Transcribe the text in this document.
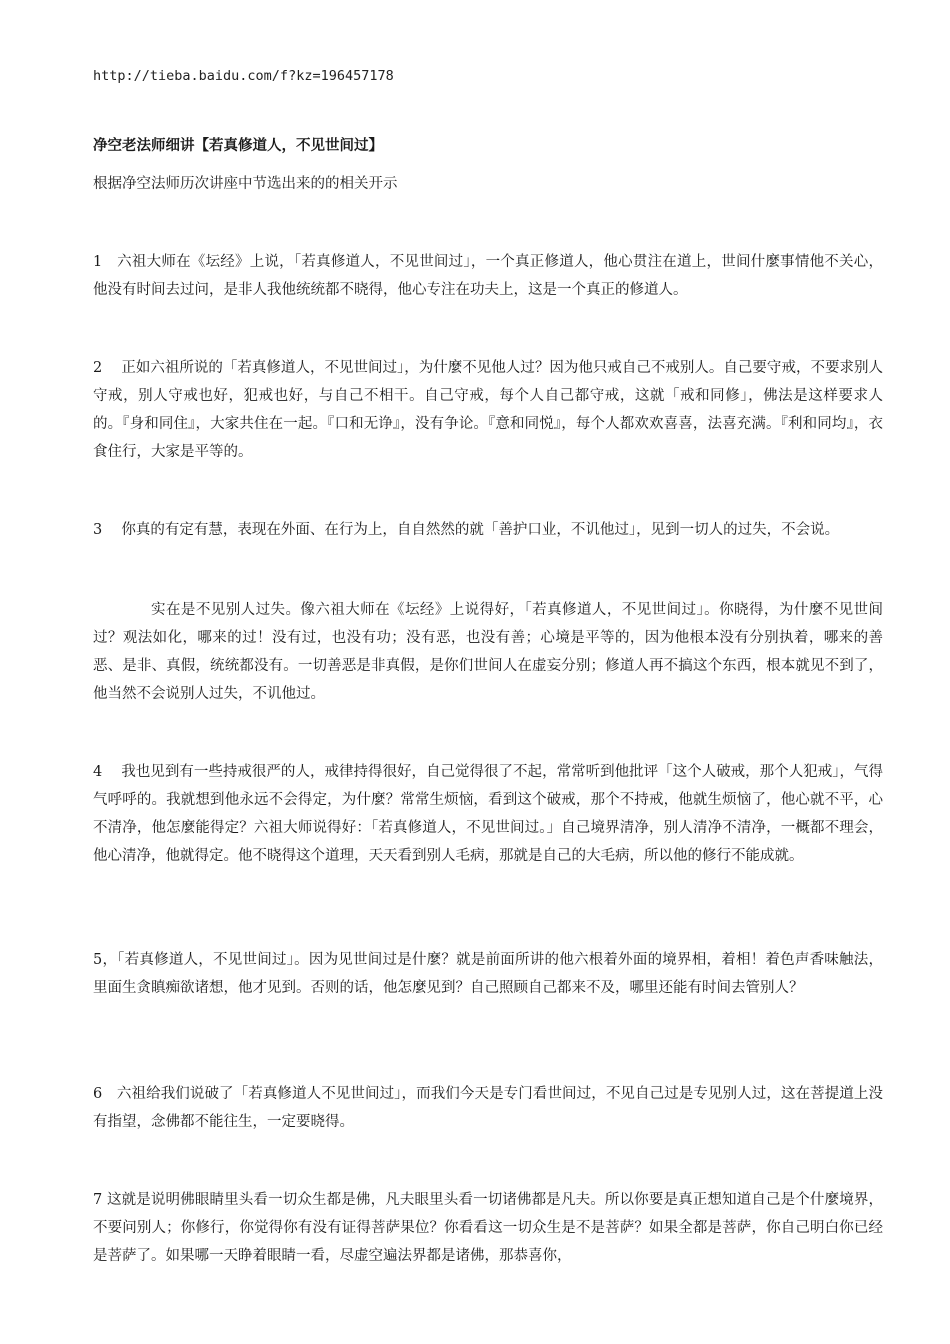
http://tieba.baidu.com/f?kz=196457178
净空老法师细讲【若真修道人，不见世间过】
根据净空法师历次讲座中节选出来的的相关开示
1　六祖大师在《坛经》上说，「若真修道人，不见世间过」，一个真正修道人，他心贯注在道上，世间什麼事情他不关心，他没有时间去过问，是非人我他统统都不晓得，他心专注在功夫上，这是一个真正的修道人。
2　 正如六祖所说的「若真修道人，不见世间过」，为什麼不见他人过？因为他只戒自己不戒别人。自己要守戒，不要求别人守戒，别人守戒也好，犯戒也好，与自己不相干。自己守戒，每个人自己都守戒，这就「戒和同修」，佛法是这样要求人的。『身和同住』，大家共住在一起。『口和无诤』，没有争论。『意和同悦』，每个人都欢欢喜喜，法喜充满。『利和同均』，衣食住行，大家是平等的。
3　 你真的有定有慧，表现在外面、在行为上，自自然然的就「善护口业，不讥他过」，见到一切人的过失，不会说。
实在是不见别人过失。像六祖大师在《坛经》上说得好，「若真修道人，不见世间过」。你晓得，为什麼不见世间过？观法如化，哪来的过！没有过，也没有功；没有恶，也没有善；心境是平等的，因为他根本没有分别执着，哪来的善恶、是非、真假，统统都没有。一切善恶是非真假，是你们世间人在虚妄分别；修道人再不搞这个东西，根本就见不到了，他当然不会说别人过失，不讥他过。
4　 我也见到有一些持戒很严的人，戒律持得很好，自己觉得很了不起，常常听到他批评「这个人破戒，那个人犯戒」，气得气呼呼的。我就想到他永远不会得定，为什麼？常常生烦恼，看到这个破戒，那个不持戒，他就生烦恼了，他心就不平，心不清净，他怎麼能得定？六祖大师说得好：「若真修道人，不见世间过。」自己境界清净，别人清净不清净，一概都不理会，他心清净，他就得定。他不晓得这个道理，天天看到别人毛病，那就是自己的大毛病，所以他的修行不能成就。
5，「若真修道人，不见世间过」。因为见世间过是什麼？就是前面所讲的他六根着外面的境界相，着相！着色声香味触法，里面生贪瞋痴欲诸想，他才见到。否则的话，他怎麼见到？自己照顾自己都来不及，哪里还能有时间去管别人？
6　六祖给我们说破了「若真修道人不见世间过」，而我们今天是专门看世间过，不见自己过是专见别人过，这在菩提道上没有指望，念佛都不能往生，一定要晓得。
7 这就是说明佛眼睛里头看一切众生都是佛，凡夫眼里头看一切诸佛都是凡夫。所以你要是真正想知道自己是个什麼境界，不要问别人；你修行，你觉得你有没有证得菩萨果位？你看看这一切众生是不是菩萨？如果全都是菩萨，你自己明白你已经是菩萨了。如果哪一天睁着眼睛一看，尽虚空遍法界都是诸佛，那恭喜你，
